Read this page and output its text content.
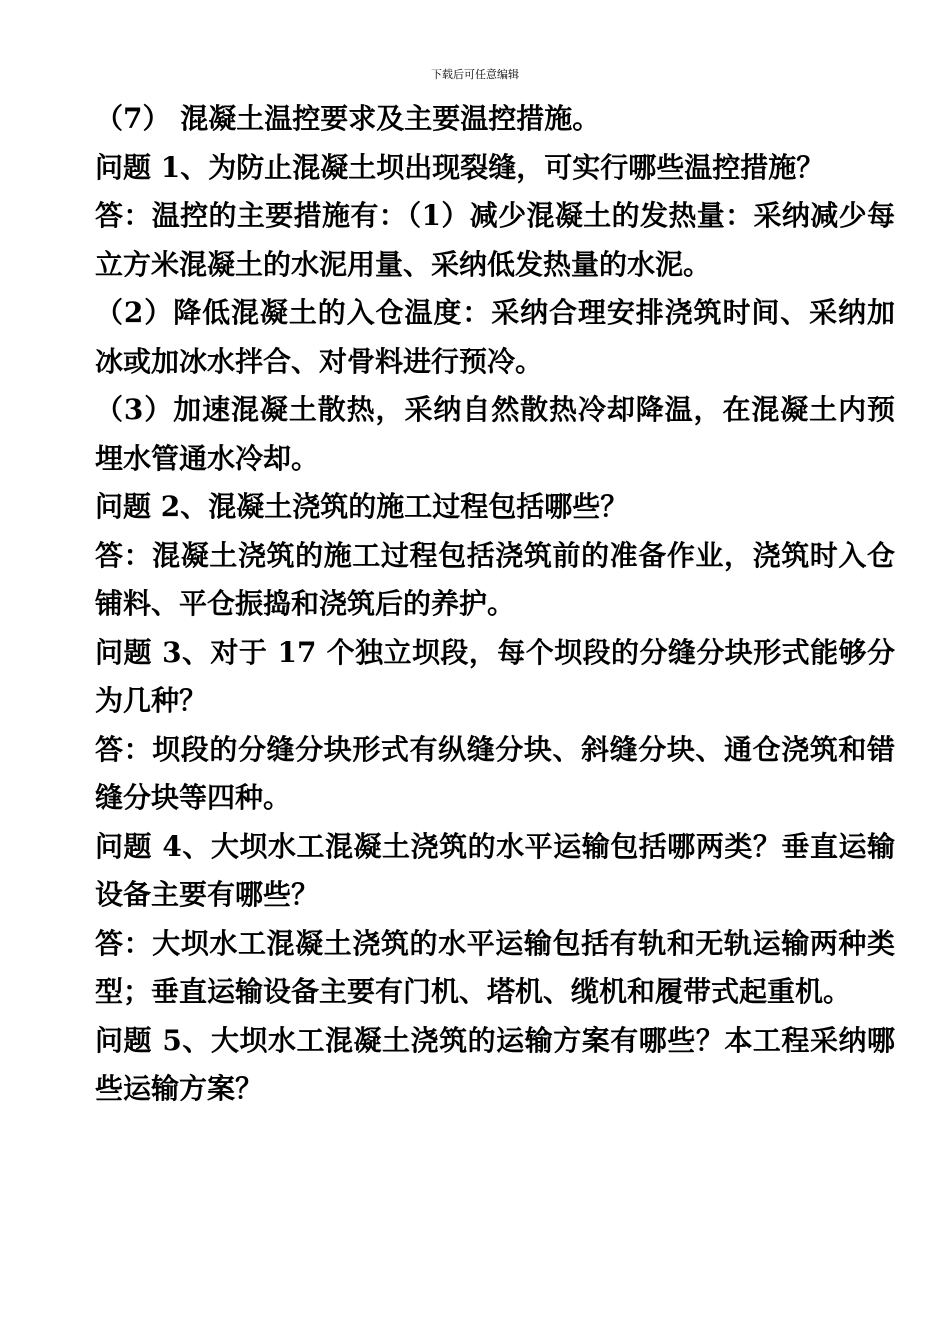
下载后可任意编辑

（7） 混凝土温控要求及主要温控措施。

问题 1、为防止混凝土坝出现裂缝，可实行哪些温控措施？

答：温控的主要措施有：（1）减少混凝土的发热量：采纳减少每立方米混凝土的水泥用量、采纳低发热量的水泥。

（2）降低混凝土的入仓温度：采纳合理安排浇筑时间、采纳加冰或加冰水拌合、对骨料进行预冷。

（3）加速混凝土散热，采纳自然散热冷却降温，在混凝土内预埋水管通水冷却。

问题 2、混凝土浇筑的施工过程包括哪些？

答：混凝土浇筑的施工过程包括浇筑前的准备作业，浇筑时入仓铺料、平仓振捣和浇筑后的养护。

问题 3、对于 17 个独立坝段，每个坝段的分缝分块形式能够分为几种？

答：坝段的分缝分块形式有纵缝分块、斜缝分块、通仓浇筑和错缝分块等四种。

问题 4、大坝水工混凝土浇筑的水平运输包括哪两类？垂直运输设备主要有哪些？

答：大坝水工混凝土浇筑的水平运输包括有轨和无轨运输两种类型；垂直运输设备主要有门机、塔机、缆机和履带式起重机。

问题 5、大坝水工混凝土浇筑的运输方案有哪些？本工程采纳哪些运输方案？
